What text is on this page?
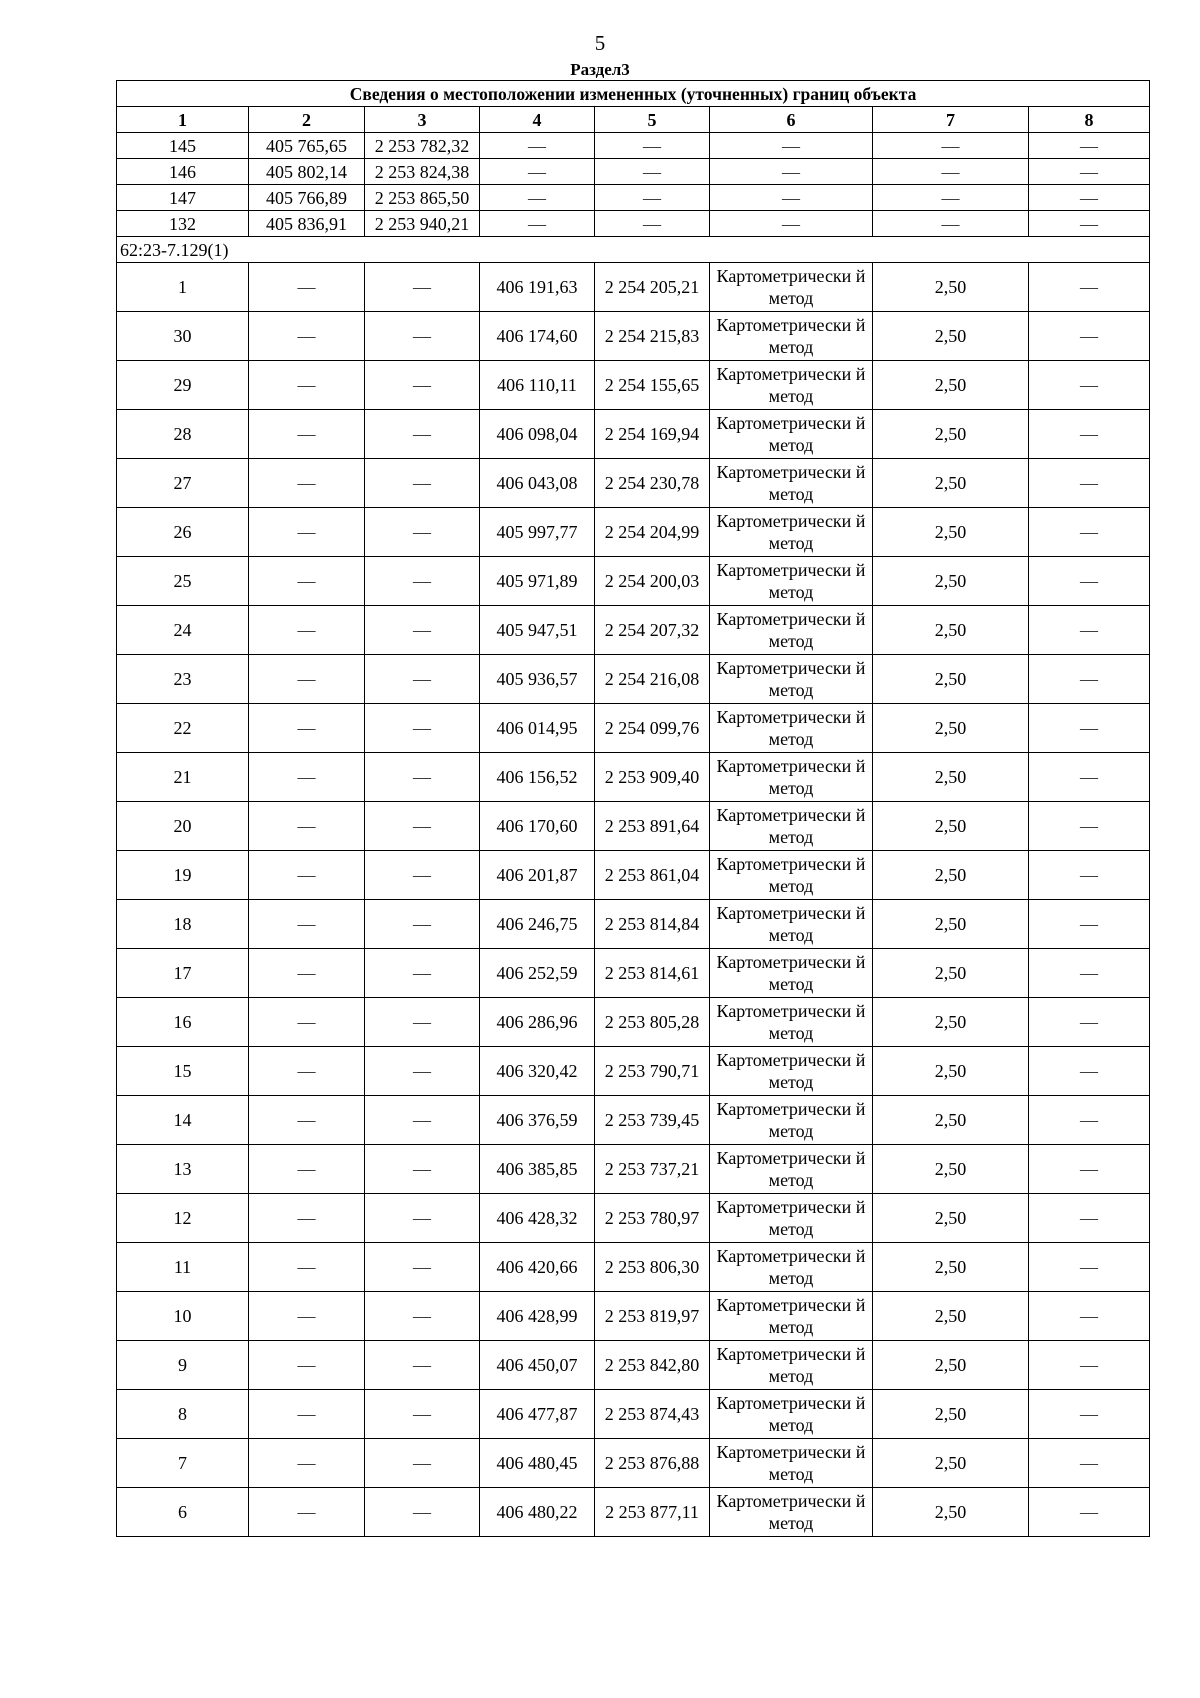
5
Раздел3
Сведения о местоположении измененных (уточненных) границ объекта							
1	2	3	4	5	6	7	8
145	405 765,65	2 253 782,32	—	—	—	—	—
146	405 802,14	2 253 824,38	—	—	—	—	—
147	405 766,89	2 253 865,50	—	—	—	—	—
132	405 836,91	2 253 940,21	—	—	—	—	—
62:23-7.129(1)							
1	—	—	406 191,63	2 254 205,21	Картометрически й метод	2,50	—
30	—	—	406 174,60	2 254 215,83	Картометрически й метод	2,50	—
29	—	—	406 110,11	2 254 155,65	Картометрически й метод	2,50	—
28	—	—	406 098,04	2 254 169,94	Картометрически й метод	2,50	—
27	—	—	406 043,08	2 254 230,78	Картометрически й метод	2,50	—
26	—	—	405 997,77	2 254 204,99	Картометрически й метод	2,50	—
25	—	—	405 971,89	2 254 200,03	Картометрически й метод	2,50	—
24	—	—	405 947,51	2 254 207,32	Картометрически й метод	2,50	—
23	—	—	405 936,57	2 254 216,08	Картометрически й метод	2,50	—
22	—	—	406 014,95	2 254 099,76	Картометрически й метод	2,50	—
21	—	—	406 156,52	2 253 909,40	Картометрически й метод	2,50	—
20	—	—	406 170,60	2 253 891,64	Картометрически й метод	2,50	—
19	—	—	406 201,87	2 253 861,04	Картометрически й метод	2,50	—
18	—	—	406 246,75	2 253 814,84	Картометрически й метод	2,50	—
17	—	—	406 252,59	2 253 814,61	Картометрически й метод	2,50	—
16	—	—	406 286,96	2 253 805,28	Картометрически й метод	2,50	—
15	—	—	406 320,42	2 253 790,71	Картометрически й метод	2,50	—
14	—	—	406 376,59	2 253 739,45	Картометрически й метод	2,50	—
13	—	—	406 385,85	2 253 737,21	Картометрически й метод	2,50	—
12	—	—	406 428,32	2 253 780,97	Картометрически й метод	2,50	—
11	—	—	406 420,66	2 253 806,30	Картометрически й метод	2,50	—
10	—	—	406 428,99	2 253 819,97	Картометрически й метод	2,50	—
9	—	—	406 450,07	2 253 842,80	Картометрически й метод	2,50	—
8	—	—	406 477,87	2 253 874,43	Картометрически й метод	2,50	—
7	—	—	406 480,45	2 253 876,88	Картометрически й метод	2,50	—
6	—	—	406 480,22	2 253 877,11	Картометрически й метод	2,50	—
